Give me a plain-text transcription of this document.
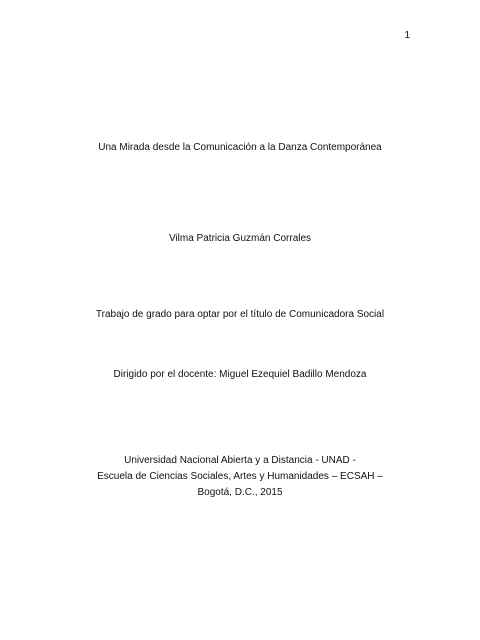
1
Una Mirada desde la Comunicación a la Danza Contemporánea
Vilma Patricia Guzmán Corrales
Trabajo de grado para optar por el título de Comunicadora Social
Dirigido por el docente: Miguel Ezequiel Badillo Mendoza
Universidad Nacional Abierta y a Distancia - UNAD -
Escuela de Ciencias Sociales, Artes y Humanidades – ECSAH –
Bogotá, D.C., 2015
